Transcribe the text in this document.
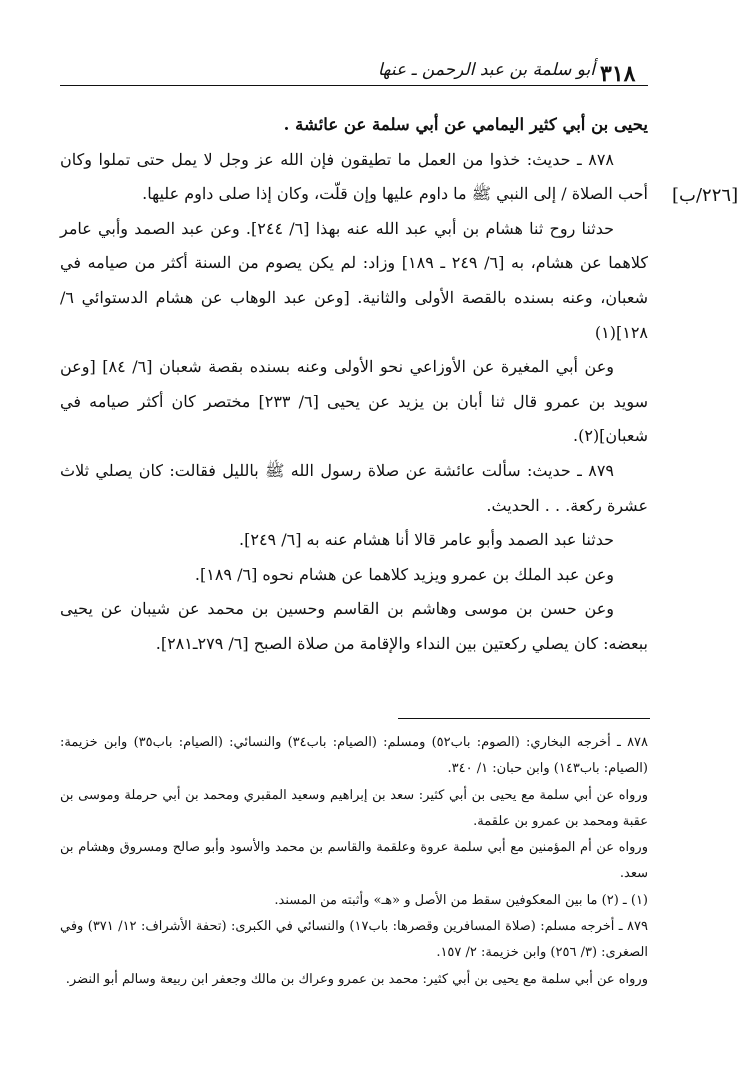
٣١٨
أبو سلمة بن عبد الرحمن ـ عنها
[٢٢٦/ب]

يحيى بن أبي كثير اليمامي عن أبي سلمة عن عائشة .

٨٧٨ ـ حديث: خذوا من العمل ما تطيقون فإن الله عز وجل لا يمل حتى تملوا وكان أحب الصلاة / إلى النبي ﷺ ما داوم عليها وإن قلّت، وكان إذا صلى داوم عليها.

حدثنا روح ثنا هشام بن أبي عبد الله عنه بهذا [٦/ ٢٤٤]. وعن عبد الصمد وأبي عامر كلاهما عن هشام، به [٦/ ٢٤٩ ـ ١٨٩] وزاد: لم يكن يصوم من السنة أكثر من صيامه في شعبان، وعنه بسنده بالقصة الأولى والثانية. [وعن عبد الوهاب عن هشام الدستوائي ٦/ ١٢٨](١)

وعن أبي المغيرة عن الأوزاعي نحو الأولى وعنه بسنده بقصة شعبان [٦/ ٨٤] [وعن سويد بن عمرو قال ثنا أبان بن يزيد عن يحيى [٦/ ٢٣٣] مختصر كان أكثر صيامه في شعبان](٢).

٨٧٩ ـ حديث: سألت عائشة عن صلاة رسول الله ﷺ بالليل فقالت: كان يصلي ثلاث عشرة ركعة. . . الحديث.

حدثنا عبد الصمد وأبو عامر قالا أنا هشام عنه به [٦/ ٢٤٩].

وعن عبد الملك بن عمرو ويزيد كلاهما عن هشام نحوه [٦/ ١٨٩].

وعن حسن بن موسى وهاشم بن القاسم وحسين بن محمد عن شيبان عن يحيى ببعضه: كان يصلي ركعتين بين النداء والإقامة من صلاة الصبح [٦/ ٢٧٩ـ٢٨١].

٨٧٨ ـ أخرجه البخاري: (الصوم: باب٥٢) ومسلم: (الصيام: باب٣٤) والنسائي: (الصيام: باب٣٥) وابن خزيمة: (الصيام: باب١٤٣) وابن حبان: ١/ ٣٤٠.

ورواه عن أبي سلمة مع يحيى بن أبي كثير: سعد بن إبراهيم وسعيد المقبري ومحمد بن أبي حرملة وموسى بن عقبة ومحمد بن عمرو بن علقمة.

ورواه عن أم المؤمنين مع أبي سلمة عروة وعلقمة والقاسم بن محمد والأسود وأبو صالح ومسروق وهشام بن سعد.

(١) ـ (٢) ما بين المعكوفين سقط من الأصل و «هـ» وأثبته من المسند.

٨٧٩ ـ أخرجه مسلم: (صلاة المسافرين وقصرها: باب١٧) والنسائي في الكبرى: (تحفة الأشراف: ١٢/ ٣٧١) وفي الصغرى: (٣/ ٢٥٦) وابن خزيمة: ٢/ ١٥٧.

ورواه عن أبي سلمة مع يحيى بن أبي كثير: محمد بن عمرو وعراك بن مالك وجعفر ابن ربيعة وسالم أبو النضر.
